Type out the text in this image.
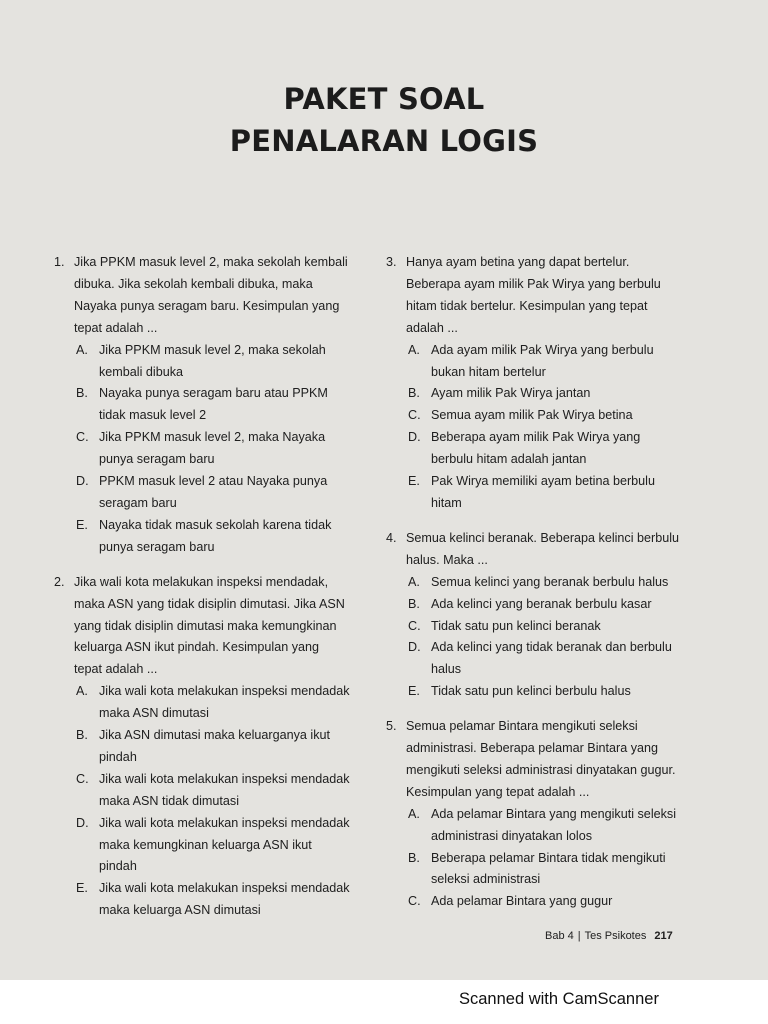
PAKET SOAL
PENALARAN LOGIS
1. Jika PPKM masuk level 2, maka sekolah kembali dibuka. Jika sekolah kembali dibuka, maka Nayaka punya seragam baru. Kesimpulan yang tepat adalah ...
A. Jika PPKM masuk level 2, maka sekolah kembali dibuka
B. Nayaka punya seragam baru atau PPKM tidak masuk level 2
C. Jika PPKM masuk level 2, maka Nayaka punya seragam baru
D. PPKM masuk level 2 atau Nayaka punya seragam baru
E. Nayaka tidak masuk sekolah karena tidak punya seragam baru
2. Jika wali kota melakukan inspeksi mendadak, maka ASN yang tidak disiplin dimutasi. Jika ASN yang tidak disiplin dimutasi maka kemungkinan keluarga ASN ikut pindah. Kesimpulan yang tepat adalah ...
A. Jika wali kota melakukan inspeksi mendadak maka ASN dimutasi
B. Jika ASN dimutasi maka keluarganya ikut pindah
C. Jika wali kota melakukan inspeksi mendadak maka ASN tidak dimutasi
D. Jika wali kota melakukan inspeksi mendadak maka kemungkinan keluarga ASN ikut pindah
E. Jika wali kota melakukan inspeksi mendadak maka keluarga ASN dimutasi
3. Hanya ayam betina yang dapat bertelur. Beberapa ayam milik Pak Wirya yang berbulu hitam tidak bertelur. Kesimpulan yang tepat adalah ...
A. Ada ayam milik Pak Wirya yang berbulu bukan hitam bertelur
B. Ayam milik Pak Wirya jantan
C. Semua ayam milik Pak Wirya betina
D. Beberapa ayam milik Pak Wirya yang berbulu hitam adalah jantan
E. Pak Wirya memiliki ayam betina berbulu hitam
4. Semua kelinci beranak. Beberapa kelinci berbulu halus. Maka ...
A. Semua kelinci yang beranak berbulu halus
B. Ada kelinci yang beranak berbulu kasar
C. Tidak satu pun kelinci beranak
D. Ada kelinci yang tidak beranak dan berbulu halus
E. Tidak satu pun kelinci berbulu halus
5. Semua pelamar Bintara mengikuti seleksi administrasi. Beberapa pelamar Bintara yang mengikuti seleksi administrasi dinyatakan gugur. Kesimpulan yang tepat adalah ...
A. Ada pelamar Bintara yang mengikuti seleksi administrasi dinyatakan lolos
B. Beberapa pelamar Bintara tidak mengikuti seleksi administrasi
C. Ada pelamar Bintara yang gugur
Bab 4 | Tes Psikotes 217
Scanned with CamScanner
